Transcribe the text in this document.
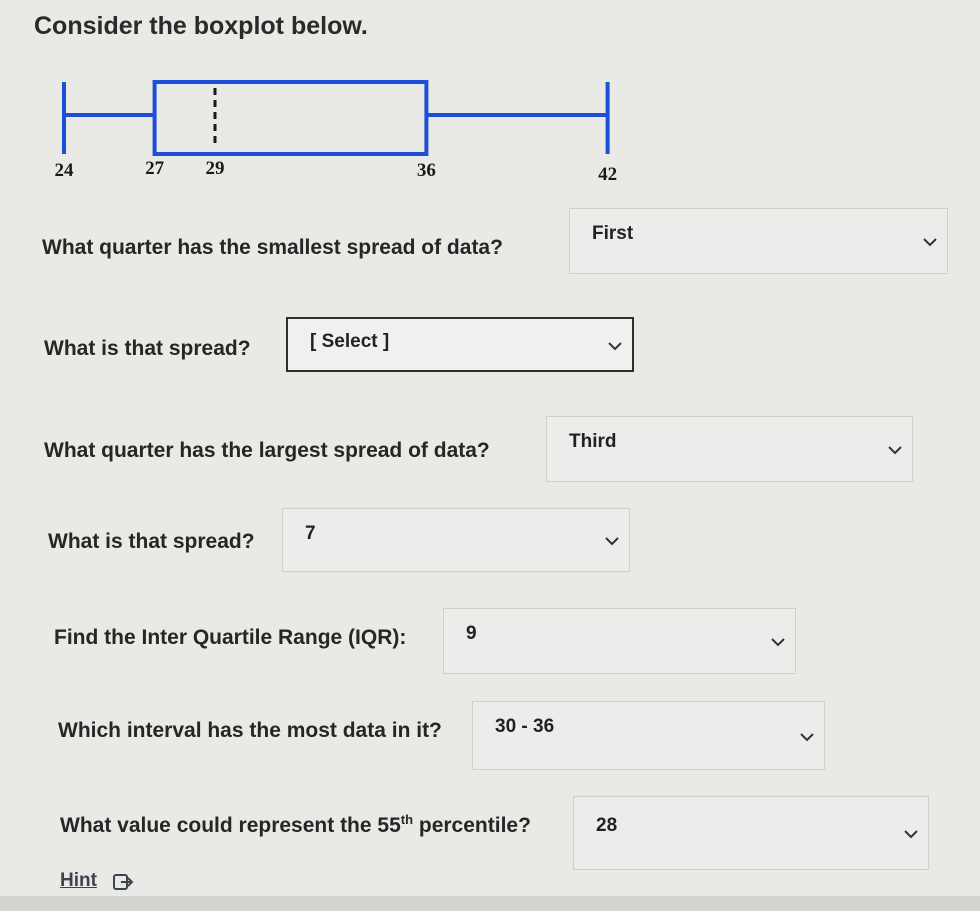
Consider the boxplot below.
24	27 29	36	42
What quarter has the smallest spread of data?
First
What is that spread?	[ Select ]
What quarter has the largest spread of data?	Third
What is that spread?	7
Find the Inter Quartile Range (IQR):	9
Which interval has the most data in it?	30 - 36
What value could represent the 55th percentile?	28
Hint
